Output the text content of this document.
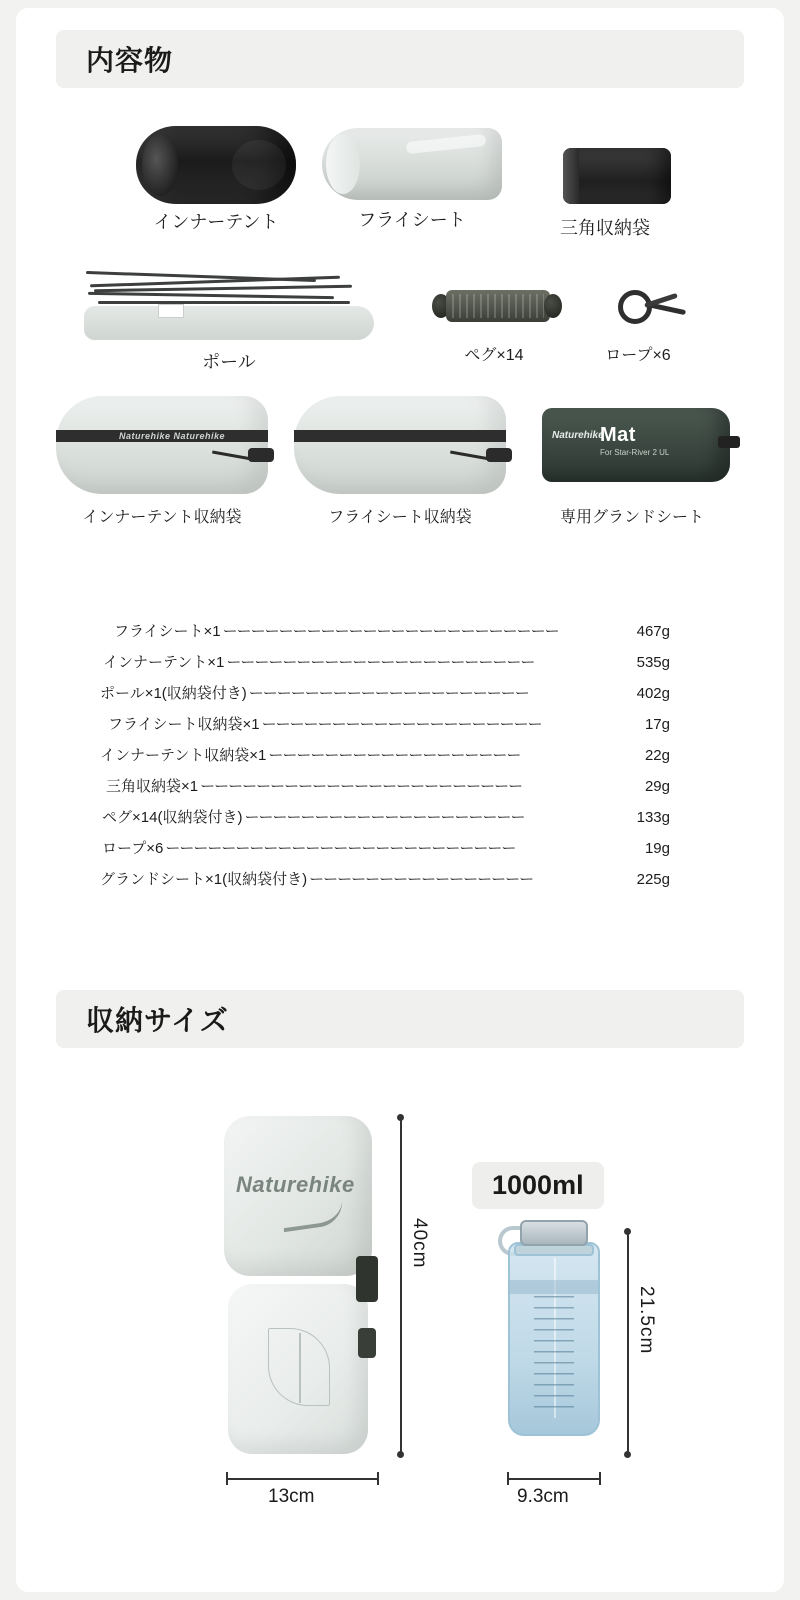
内容物
インナーテント	フライシート	三角収納袋
ポール	ペグ×14	ロープ×6
Naturehike Naturehike
インナーテント収納袋	フライシート収納袋
Naturehike
Mat
For Star-River 2 UL
専用グランドシート
フライシート×1 ーーーーーーーーーーーーーーーーーーーーーーーー	467g
インナーテント×1 ーーーーーーーーーーーーーーーーーーーーーー	535g
ポール×1(収納袋付き) ーーーーーーーーーーーーーーーーーーーー	402g
フライシート収納袋×1 ーーーーーーーーーーーーーーーーーーーー	17g
インナーテント収納袋×1 ーーーーーーーーーーーーーーーーーー	22g
三角収納袋×1 ーーーーーーーーーーーーーーーーーーーーーーー	29g
ペグ×14(収納袋付き) ーーーーーーーーーーーーーーーーーーーー	133g
ロープ×6 ーーーーーーーーーーーーーーーーーーーーーーーーー	19g
グランドシート×1(収納袋付き) ーーーーーーーーーーーーーーーー	225g
収納サイズ
Naturehike
40cm
13cm
1000ml
21.5cm
9.3cm
